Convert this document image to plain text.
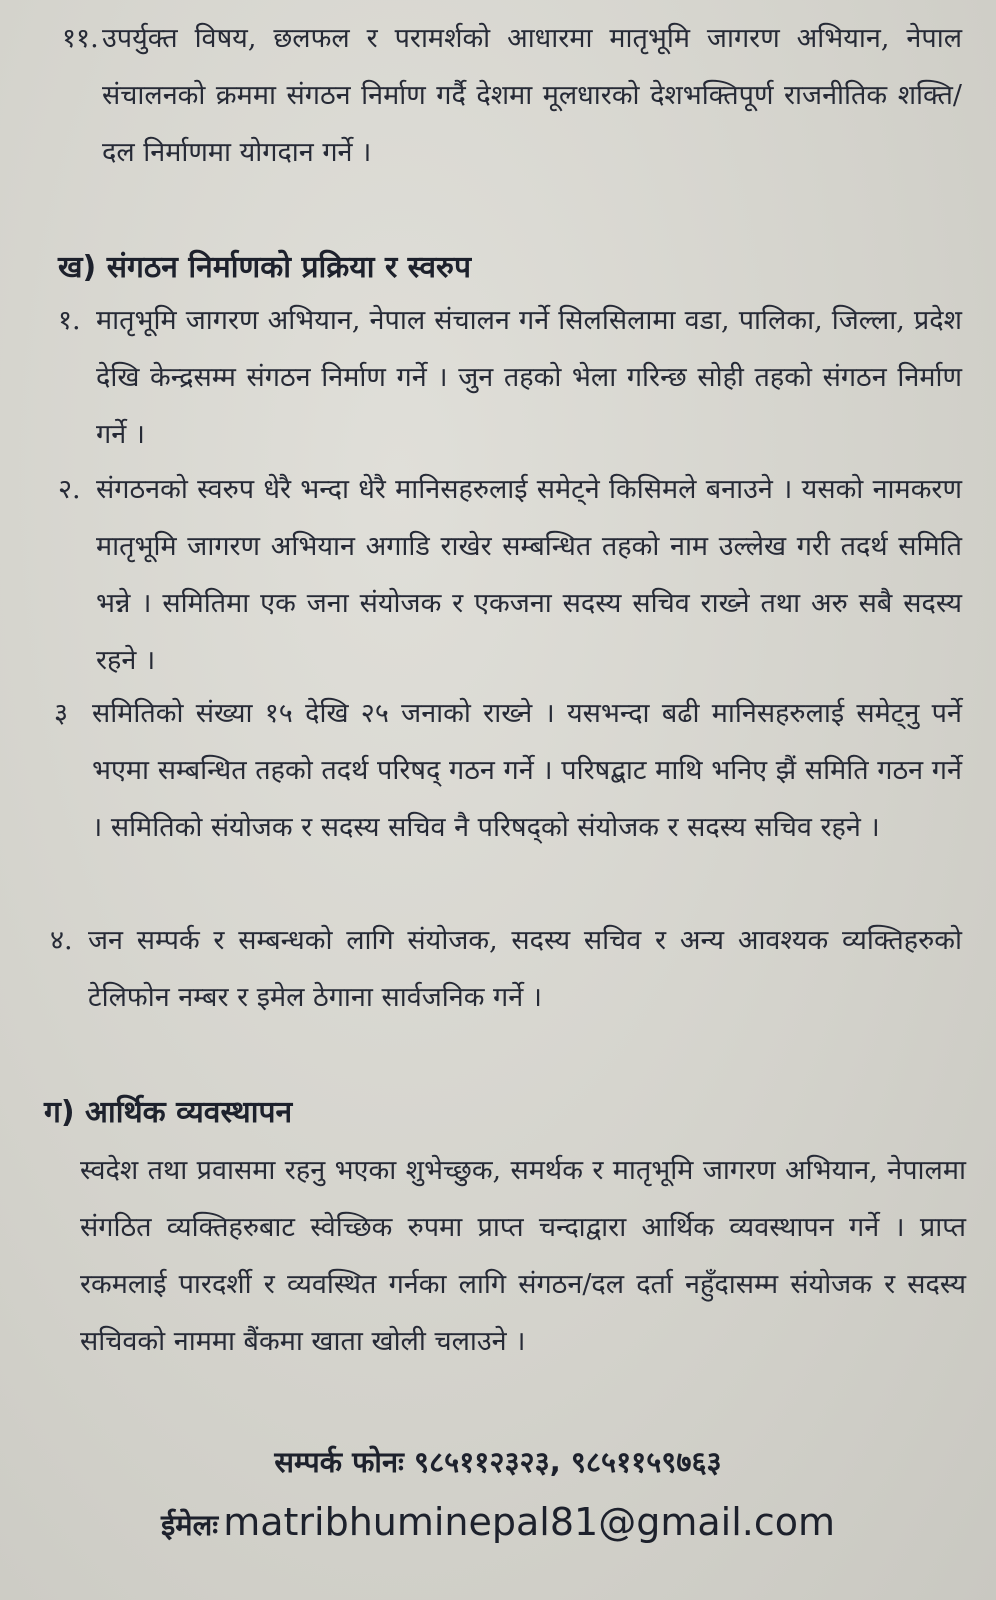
११. उपर्युक्त विषय, छलफल र परामर्शको आधारमा मातृभूमि जागरण अभियान, नेपाल संचालनको क्रममा संगठन निर्माण गर्दै देशमा मूलधारको देशभक्तिपूर्ण राजनीतिक शक्ति/दल निर्माणमा योगदान गर्ने ।
ख) संगठन निर्माणको प्रक्रिया र स्वरुप
१. मातृभूमि जागरण अभियान, नेपाल संचालन गर्ने सिलसिलामा वडा, पालिका, जिल्ला, प्रदेश देखि केन्द्रसम्म संगठन निर्माण गर्ने । जुन तहको भेला गरिन्छ सोही तहको संगठन निर्माण गर्ने ।
२. संगठनको स्वरुप धेरै भन्दा धेरै मानिसहरुलाई समेट्ने किसिमले बनाउने । यसको नामकरण मातृभूमि जागरण अभियान अगाडि राखेर सम्बन्धित तहको नाम उल्लेख गरी तदर्थ समिति भन्ने । समितिमा एक जना संयोजक र एकजना सदस्य सचिव राख्ने तथा अरु सबै सदस्य रहने ।
३ समितिको संख्या १५ देखि २५ जनाको राख्ने । यसभन्दा बढी मानिसहरुलाई समेट्नु पर्ने भएमा सम्बन्धित तहको तदर्थ परिषद् गठन गर्ने । परिषद्बाट माथि भनिए झैं समिति गठन गर्ने । समितिको संयोजक र सदस्य सचिव नै परिषद्को संयोजक र सदस्य सचिव रहने ।
४. जन सम्पर्क र सम्बन्धको लागि संयोजक, सदस्य सचिव र अन्य आवश्यक व्यक्तिहरुको टेलिफोन नम्बर र इमेल ठेगाना सार्वजनिक गर्ने ।
ग) आर्थिक व्यवस्थापन

स्वदेश तथा प्रवासमा रहनु भएका शुभेच्छुक, समर्थक र मातृभूमि जागरण अभियान, नेपालमा संगठित व्यक्तिहरुबाट स्वेच्छिक रुपमा प्राप्त चन्दाद्वारा आर्थिक व्यवस्थापन गर्ने । प्राप्त रकमलाई पारदर्शी र व्यवस्थित गर्नका लागि संगठन/दल दर्ता नहुँदासम्म संयोजक र सदस्य सचिवको नाममा बैंकमा खाता खोली चलाउने ।

सम्पर्क फोनः ९८५११२३२३, ९८५११५९७६३
ईमेलः matribhuminepal81@gmail.com
